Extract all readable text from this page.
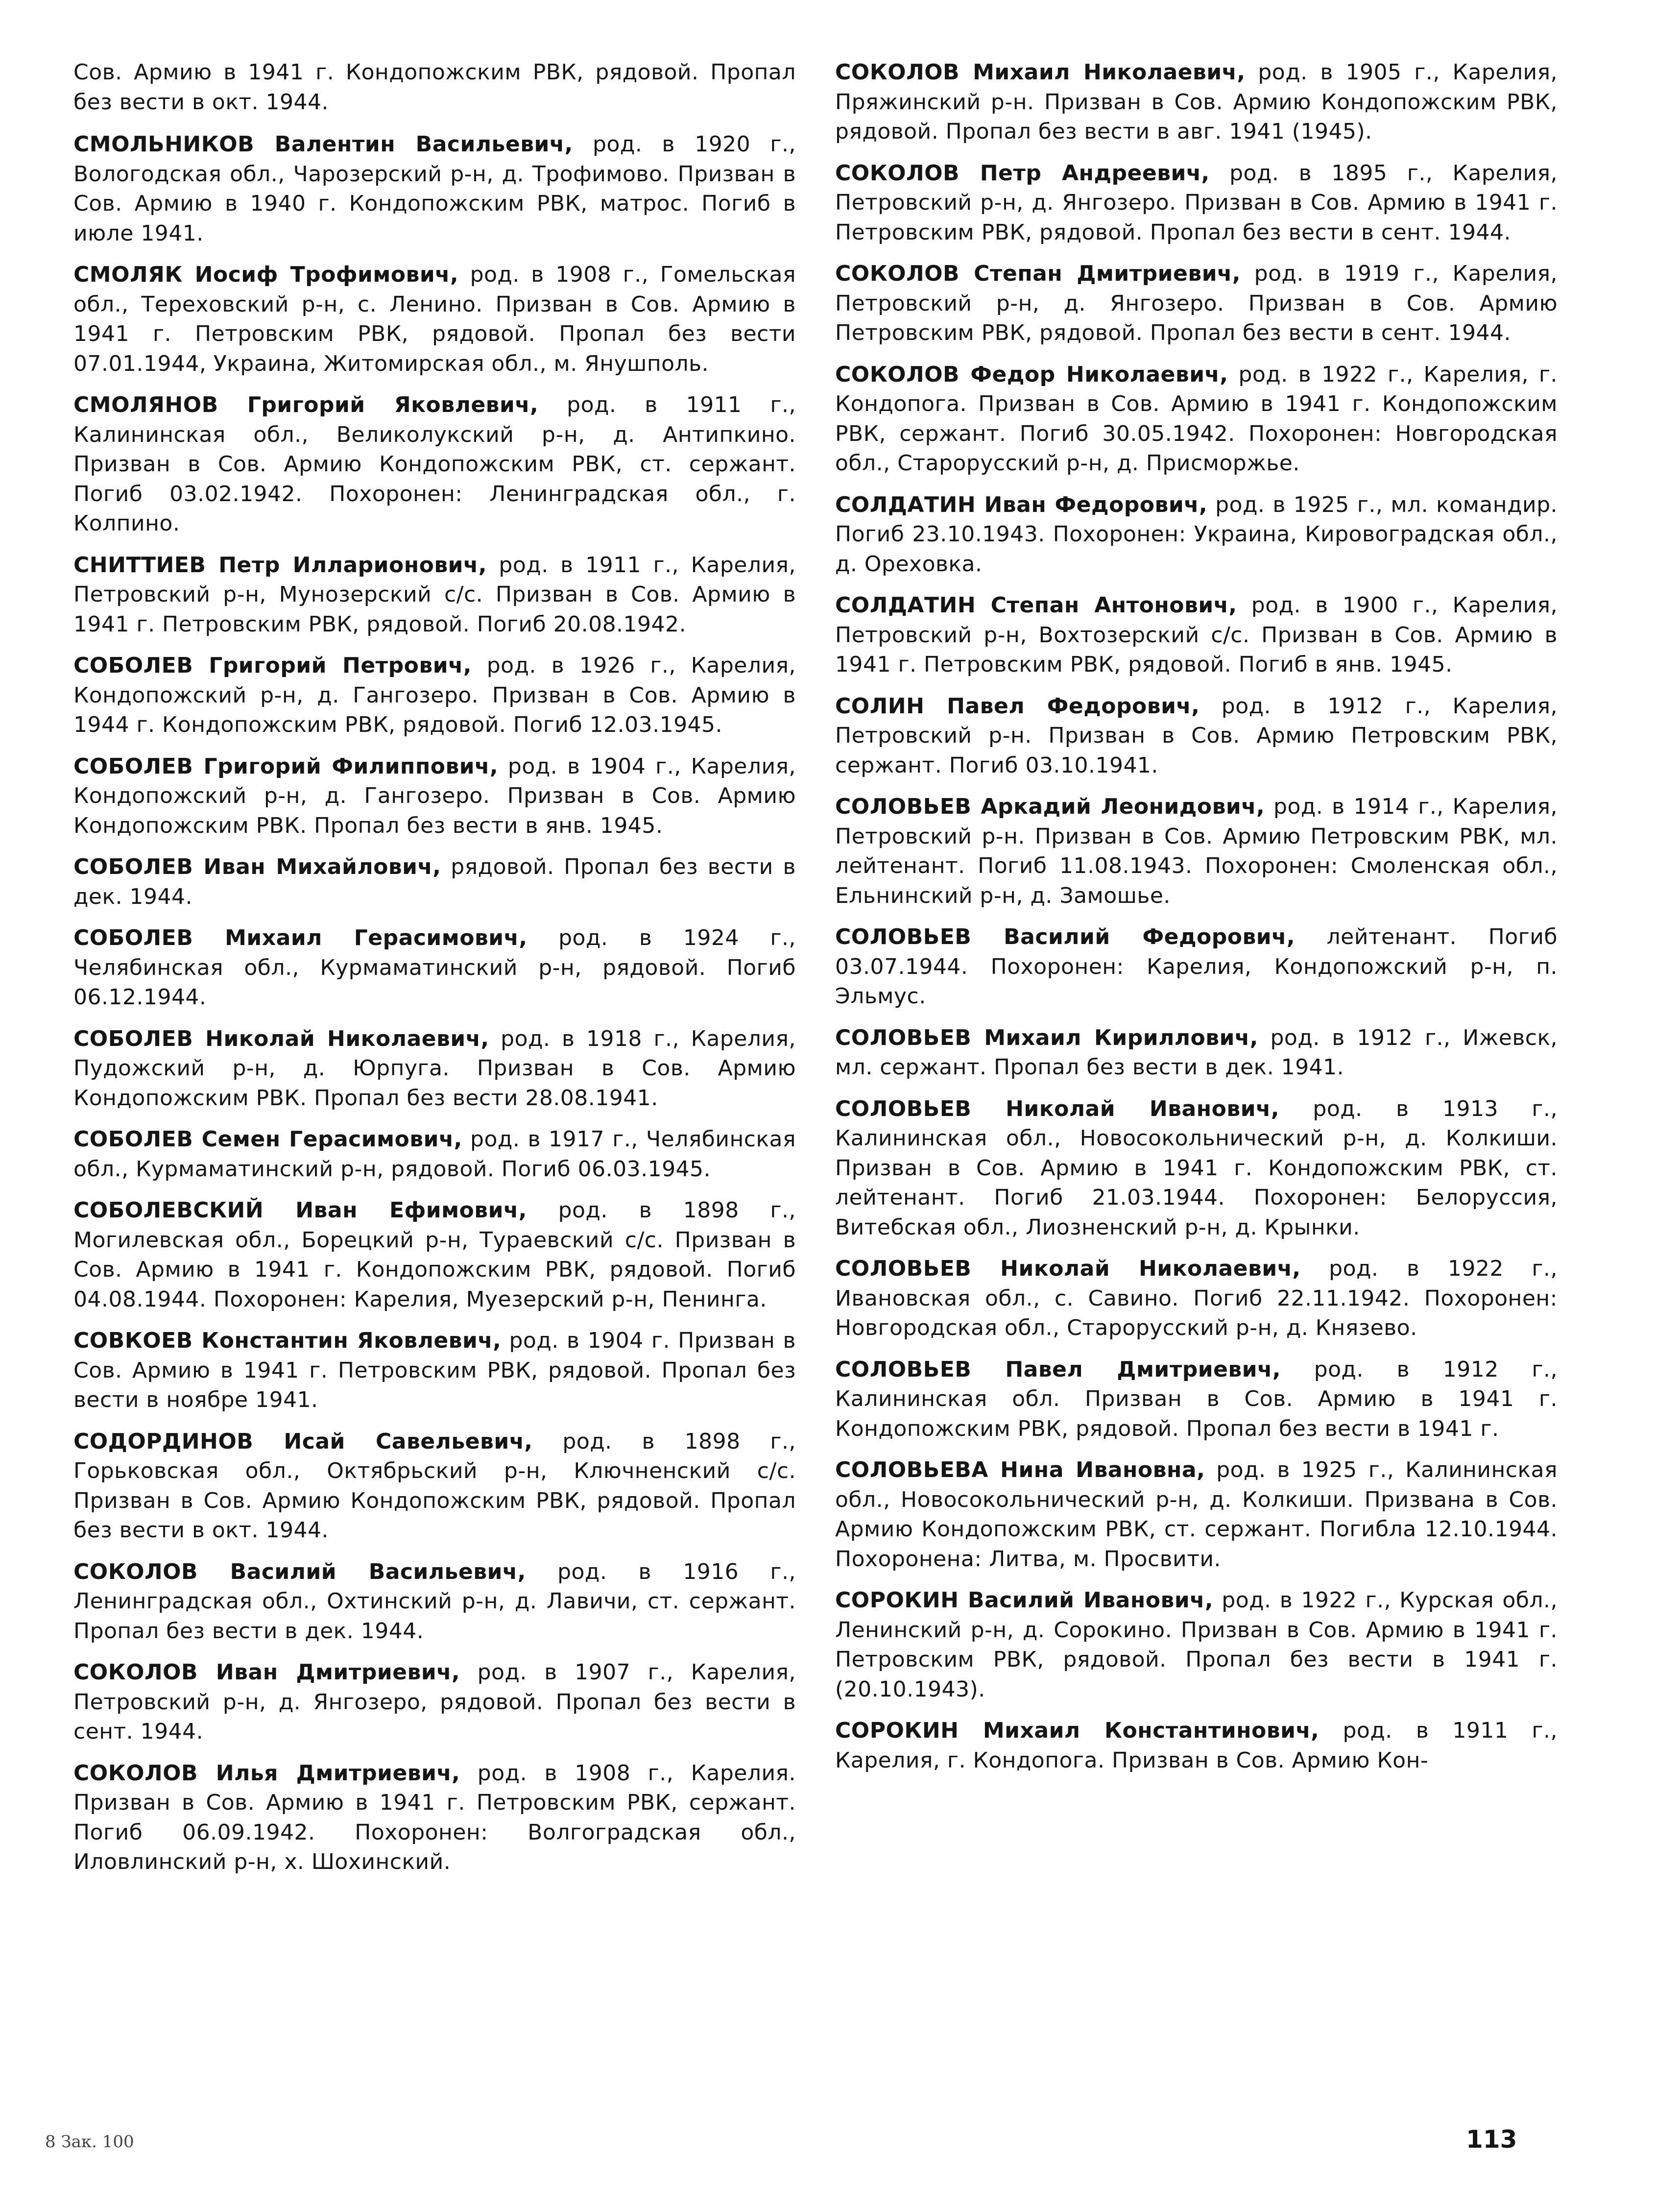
Сов. Армию в 1941 г. Кондопожским РВК, рядовой. Пропал без вести в окт. 1944.

СМОЛЬНИКОВ Валентин Васильевич, род. в 1920 г., Вологодская обл., Чарозерский р-н, д. Трофимово. Призван в Сов. Армию в 1940 г. Кондопожским РВК, матрос. Погиб в июле 1941.

СМОЛЯК Иосиф Трофимович, род. в 1908 г., Гомельская обл., Тереховский р-н, с. Ленино. Призван в Сов. Армию в 1941 г. Петровским РВК, рядовой. Пропал без вести 07.01.1944, Украина, Житомирская обл., м. Янушполь.

СМОЛЯНОВ Григорий Яковлевич, род. в 1911 г., Калининская обл., Великолукский р-н, д. Антипкино. Призван в Сов. Армию Кондопожским РВК, ст. сержант. Погиб 03.02.1942. Похоронен: Ленинградская обл., г. Колпино.

СНИТТИЕВ Петр Илларионович, род. в 1911 г., Карелия, Петровский р-н, Мунозерский с/с. Призван в Сов. Армию в 1941 г. Петровским РВК, рядовой. Погиб 20.08.1942.

СОБОЛЕВ Григорий Петрович, род. в 1926 г., Карелия, Кондопожский р-н, д. Гангозеро. Призван в Сов. Армию в 1944 г. Кондопожским РВК, рядовой. Погиб 12.03.1945.

СОБОЛЕВ Григорий Филиппович, род. в 1904 г., Карелия, Кондопожский р-н, д. Гангозеро. Призван в Сов. Армию Кондопожским РВК. Пропал без вести в янв. 1945.

СОБОЛЕВ Иван Михайлович, рядовой. Пропал без вести в дек. 1944.

СОБОЛЕВ Михаил Герасимович, род. в 1924 г., Челябинская обл., Курмаматинский р-н, рядовой. Погиб 06.12.1944.

СОБОЛЕВ Николай Николаевич, род. в 1918 г., Карелия, Пудожский р-н, д. Юрпуга. Призван в Сов. Армию Кондопожским РВК. Пропал без вести 28.08.1941.

СОБОЛЕВ Семен Герасимович, род. в 1917 г., Челябинская обл., Курмаматинский р-н, рядовой. Погиб 06.03.1945.

СОБОЛЕВСКИЙ Иван Ефимович, род. в 1898 г., Могилевская обл., Борецкий р-н, Тураевский с/с. Призван в Сов. Армию в 1941 г. Кондопожским РВК, рядовой. Погиб 04.08.1944. Похоронен: Карелия, Муезерский р-н, Пенинга.

СОВКОЕВ Константин Яковлевич, род. в 1904 г. Призван в Сов. Армию в 1941 г. Петровским РВК, рядовой. Пропал без вести в ноябре 1941.

СОДОРДИНОВ Исай Савельевич, род. в 1898 г., Горьковская обл., Октябрьский р-н, Ключненский с/с. Призван в Сов. Армию Кондопожским РВК, рядовой. Пропал без вести в окт. 1944.

СОКОЛОВ Василий Васильевич, род. в 1916 г., Ленинградская обл., Охтинский р-н, д. Лавичи, ст. сержант. Пропал без вести в дек. 1944.

СОКОЛОВ Иван Дмитриевич, род. в 1907 г., Карелия, Петровский р-н, д. Янгозеро, рядовой. Пропал без вести в сент. 1944.

СОКОЛОВ Илья Дмитриевич, род. в 1908 г., Карелия. Призван в Сов. Армию в 1941 г. Петровским РВК, сержант. Погиб 06.09.1942. Похоронен: Волгоградская обл., Иловлинский р-н, х. Шохинский.

СОКОЛОВ Михаил Николаевич, род. в 1905 г., Карелия, Пряжинский р-н. Призван в Сов. Армию Кондопожским РВК, рядовой. Пропал без вести в авг. 1941 (1945).

СОКОЛОВ Петр Андреевич, род. в 1895 г., Карелия, Петровский р-н, д. Янгозеро. Призван в Сов. Армию в 1941 г. Петровским РВК, рядовой. Пропал без вести в сент. 1944.

СОКОЛОВ Степан Дмитриевич, род. в 1919 г., Карелия, Петровский р-н, д. Янгозеро. Призван в Сов. Армию Петровским РВК, рядовой. Пропал без вести в сент. 1944.

СОКОЛОВ Федор Николаевич, род. в 1922 г., Карелия, г. Кондопога. Призван в Сов. Армию в 1941 г. Кондопожским РВК, сержант. Погиб 30.05.1942. Похоронен: Новгородская обл., Старорусский р-н, д. Присморжье.

СОЛДАТИН Иван Федорович, род. в 1925 г., мл. командир. Погиб 23.10.1943. Похоронен: Украина, Кировоградская обл., д. Ореховка.

СОЛДАТИН Степан Антонович, род. в 1900 г., Карелия, Петровский р-н, Вохтозерский с/с. Призван в Сов. Армию в 1941 г. Петровским РВК, рядовой. Погиб в янв. 1945.

СОЛИН Павел Федорович, род. в 1912 г., Карелия, Петровский р-н. Призван в Сов. Армию Петровским РВК, сержант. Погиб 03.10.1941.

СОЛОВЬЕВ Аркадий Леонидович, род. в 1914 г., Карелия, Петровский р-н. Призван в Сов. Армию Петровским РВК, мл. лейтенант. Погиб 11.08.1943. Похоронен: Смоленская обл., Ельнинский р-н, д. Замошье.

СОЛОВЬЕВ Василий Федорович, лейтенант. Погиб 03.07.1944. Похоронен: Карелия, Кондопожский р-н, п. Эльмус.

СОЛОВЬЕВ Михаил Кириллович, род. в 1912 г., Ижевск, мл. сержант. Пропал без вести в дек. 1941.

СОЛОВЬЕВ Николай Иванович, род. в 1913 г., Калининская обл., Новосокольнический р-н, д. Колкиши. Призван в Сов. Армию в 1941 г. Кондопожским РВК, ст. лейтенант. Погиб 21.03.1944. Похоронен: Белоруссия, Витебская обл., Лиозненский р-н, д. Крынки.

СОЛОВЬЕВ Николай Николаевич, род. в 1922 г., Ивановская обл., с. Савино. Погиб 22.11.1942. Похоронен: Новгородская обл., Старорусский р-н, д. Князево.

СОЛОВЬЕВ Павел Дмитриевич, род. в 1912 г., Калининская обл. Призван в Сов. Армию в 1941 г. Кондопожским РВК, рядовой. Пропал без вести в 1941 г.

СОЛОВЬЕВА Нина Ивановна, род. в 1925 г., Калининская обл., Новосокольнический р-н, д. Колкиши. Призвана в Сов. Армию Кондопожским РВК, ст. сержант. Погибла 12.10.1944. Похоронена: Литва, м. Просвити.

СОРОКИН Василий Иванович, род. в 1922 г., Курская обл., Ленинский р-н, д. Сорокино. Призван в Сов. Армию в 1941 г. Петровским РВК, рядовой. Пропал без вести в 1941 г. (20.10.1943).

СОРОКИН Михаил Константинович, род. в 1911 г., Карелия, г. Кондопога. Призван в Сов. Армию Кон-

8 Зак. 100	113
